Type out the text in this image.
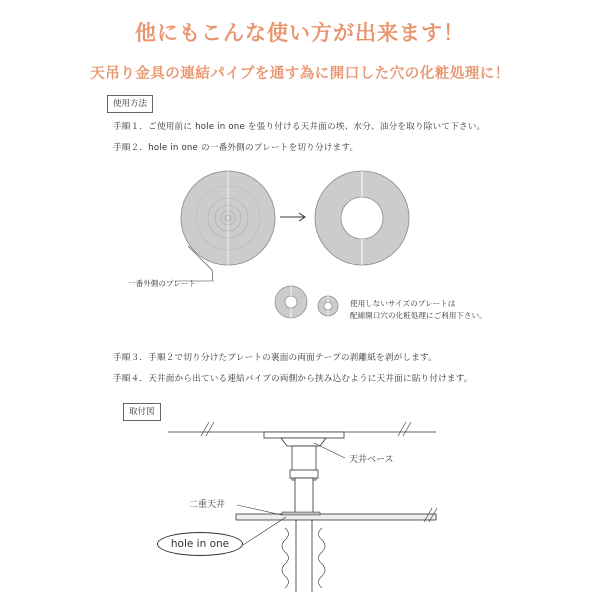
他にもこんな使い方が出来ます！
天吊り金具の連結パイプを通す為に開口した穴の化粧処理に！
使用方法
手順１．ご使用前に hole in one を張り付ける天井面の埃、水分、油分を取り除いて下さい。
手順２．hole in one の一番外側のプレートを切り分けます。
一番外側のプレート
使用しないサイズのプレートは
配線開口穴の化粧処理にご利用下さい。
手順３．手順２で切り分けたプレートの裏面の両面テープの剥離紙を剥がします。
手順４．天井面から出ている連結パイプの両側から挟み込むように天井面に貼り付けます。
取付図
天井ベース
二重天井
hole in one
